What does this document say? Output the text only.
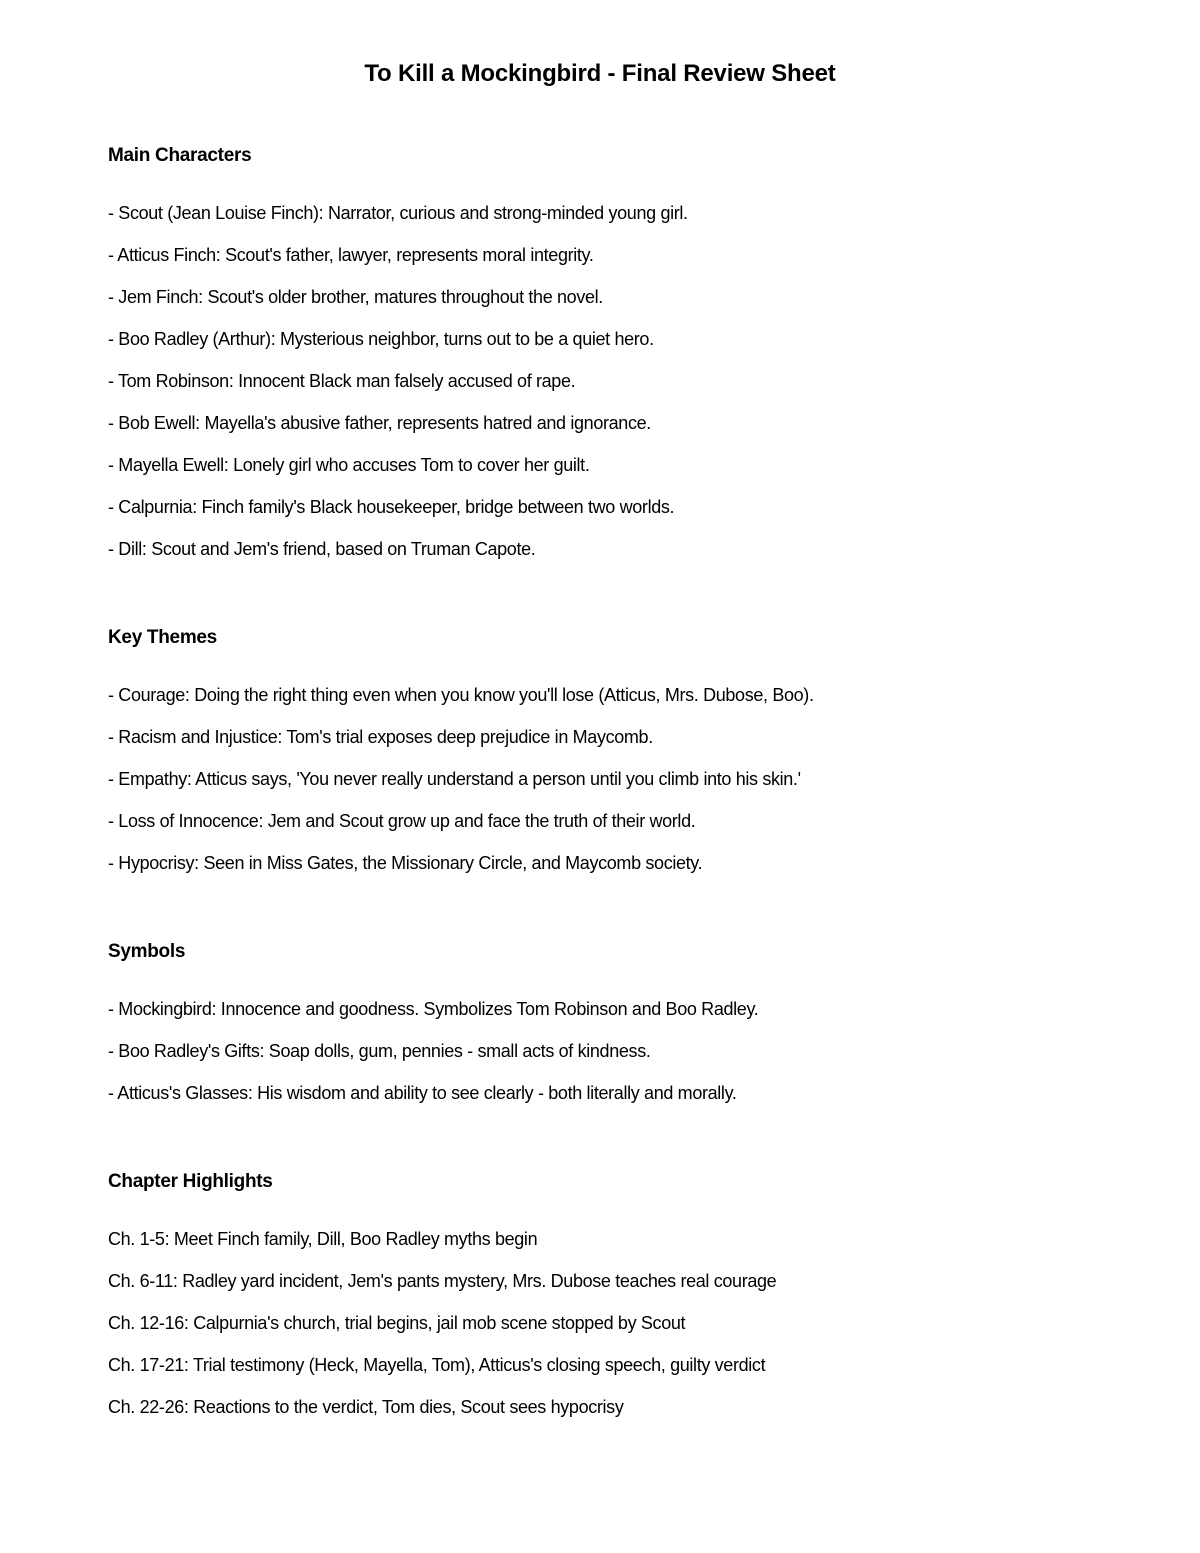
To Kill a Mockingbird - Final Review Sheet
Main Characters
- Scout (Jean Louise Finch): Narrator, curious and strong-minded young girl.
- Atticus Finch: Scout's father, lawyer, represents moral integrity.
- Jem Finch: Scout's older brother, matures throughout the novel.
- Boo Radley (Arthur): Mysterious neighbor, turns out to be a quiet hero.
- Tom Robinson: Innocent Black man falsely accused of rape.
- Bob Ewell: Mayella's abusive father, represents hatred and ignorance.
- Mayella Ewell: Lonely girl who accuses Tom to cover her guilt.
- Calpurnia: Finch family's Black housekeeper, bridge between two worlds.
- Dill: Scout and Jem's friend, based on Truman Capote.
Key Themes
- Courage: Doing the right thing even when you know you'll lose (Atticus, Mrs. Dubose, Boo).
- Racism and Injustice: Tom's trial exposes deep prejudice in Maycomb.
- Empathy: Atticus says, 'You never really understand a person until you climb into his skin.'
- Loss of Innocence: Jem and Scout grow up and face the truth of their world.
- Hypocrisy: Seen in Miss Gates, the Missionary Circle, and Maycomb society.
Symbols
- Mockingbird: Innocence and goodness. Symbolizes Tom Robinson and Boo Radley.
- Boo Radley's Gifts: Soap dolls, gum, pennies - small acts of kindness.
- Atticus's Glasses: His wisdom and ability to see clearly - both literally and morally.
Chapter Highlights
Ch. 1-5: Meet Finch family, Dill, Boo Radley myths begin
Ch. 6-11: Radley yard incident, Jem's pants mystery, Mrs. Dubose teaches real courage
Ch. 12-16: Calpurnia's church, trial begins, jail mob scene stopped by Scout
Ch. 17-21: Trial testimony (Heck, Mayella, Tom), Atticus's closing speech, guilty verdict
Ch. 22-26: Reactions to the verdict, Tom dies, Scout sees hypocrisy
